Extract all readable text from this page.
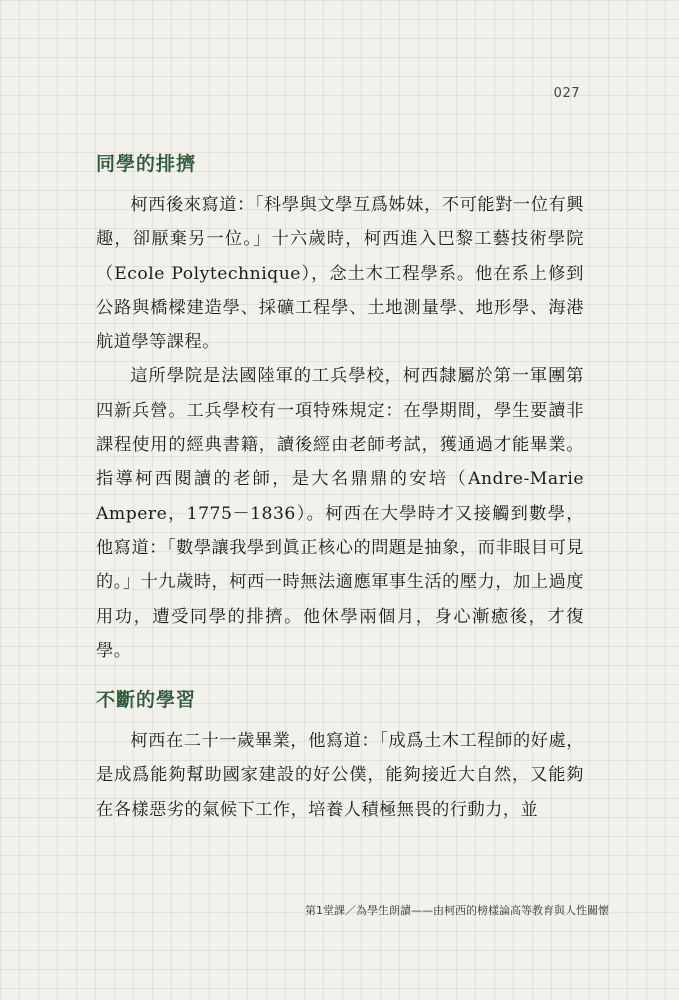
027
同學的排擠

柯西後來寫道：「科學與文學互爲姊妹，不可能對一位有興趣，卻厭棄另一位。」十六歲時，柯西進入巴黎工藝技術學院（Ecole Polytechnique），念土木工程學系。他在系上修到公路與橋樑建造學、採礦工程學、土地測量學、地形學、海港航道學等課程。

這所學院是法國陸軍的工兵學校，柯西隸屬於第一軍團第四新兵營。工兵學校有一項特殊規定：在學期間，學生要讀非課程使用的經典書籍，讀後經由老師考試，獲通過才能畢業。指導柯西閱讀的老師，是大名鼎鼎的安培（Andre-Marie Ampere，1775－1836）。柯西在大學時才又接觸到數學，他寫道：「數學讓我學到眞正核心的問題是抽象，而非眼目可見的。」十九歲時，柯西一時無法適應軍事生活的壓力，加上過度用功，遭受同學的排擠。他休學兩個月，身心漸癒後，才復學。

不斷的學習

柯西在二十一歲畢業，他寫道：「成爲土木工程師的好處，是成爲能夠幫助國家建設的好公僕，能夠接近大自然，又能夠在各樣惡劣的氣候下工作，培養人積極無畏的行動力，並

第1堂課／為學生朗讀——由柯西的榜樣論高等教育與人性關懷
